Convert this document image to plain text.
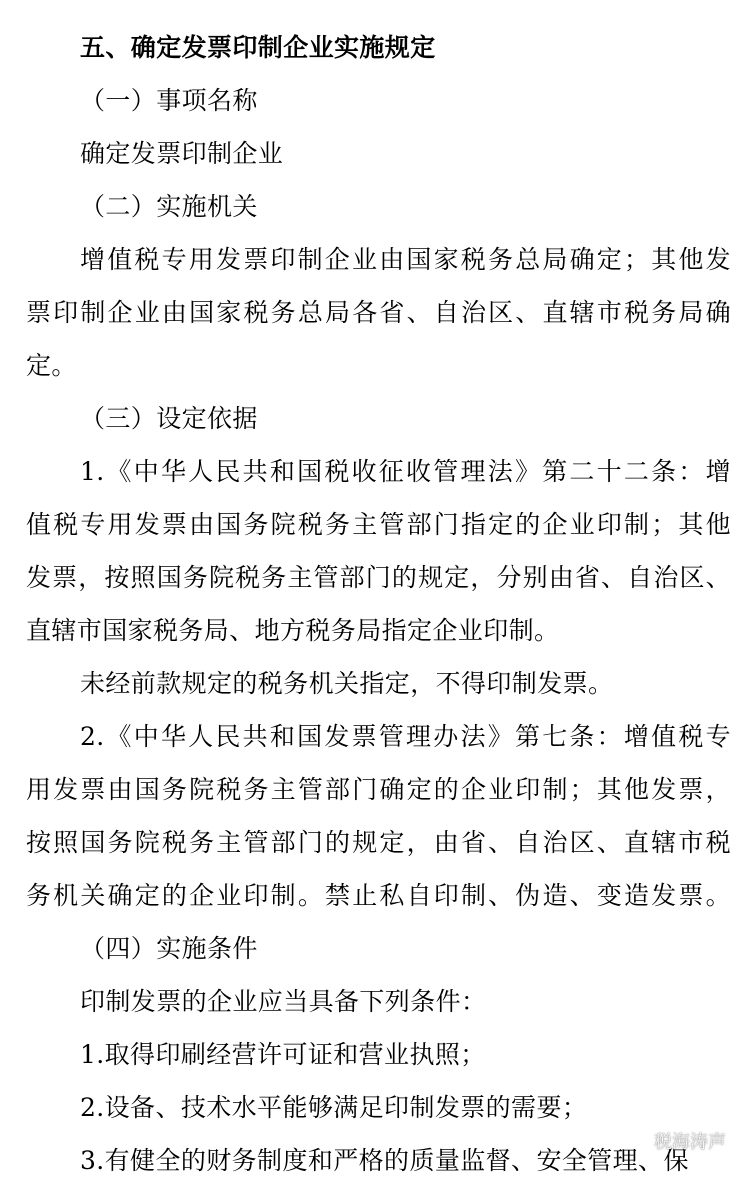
五、确定发票印制企业实施规定
（一）事项名称
确定发票印制企业
（二）实施机关
增值税专用发票印制企业由国家税务总局确定；其他发
票印制企业由国家税务总局各省、自治区、直辖市税务局确
定。
（三）设定依据
1.《中华人民共和国税收征收管理法》第二十二条：增
值税专用发票由国务院税务主管部门指定的企业印制；其他
发票，按照国务院税务主管部门的规定，分别由省、自治区、
直辖市国家税务局、地方税务局指定企业印制。
未经前款规定的税务机关指定，不得印制发票。
2.《中华人民共和国发票管理办法》第七条：增值税专
用发票由国务院税务主管部门确定的企业印制；其他发票，
按照国务院税务主管部门的规定，由省、自治区、直辖市税
务机关确定的企业印制。禁止私自印制、伪造、变造发票。
（四）实施条件
印制发票的企业应当具备下列条件：
1.取得印刷经营许可证和营业执照；
2.设备、技术水平能够满足印制发票的需要；
3.有健全的财务制度和严格的质量监督、安全管理、保
税海涛声
